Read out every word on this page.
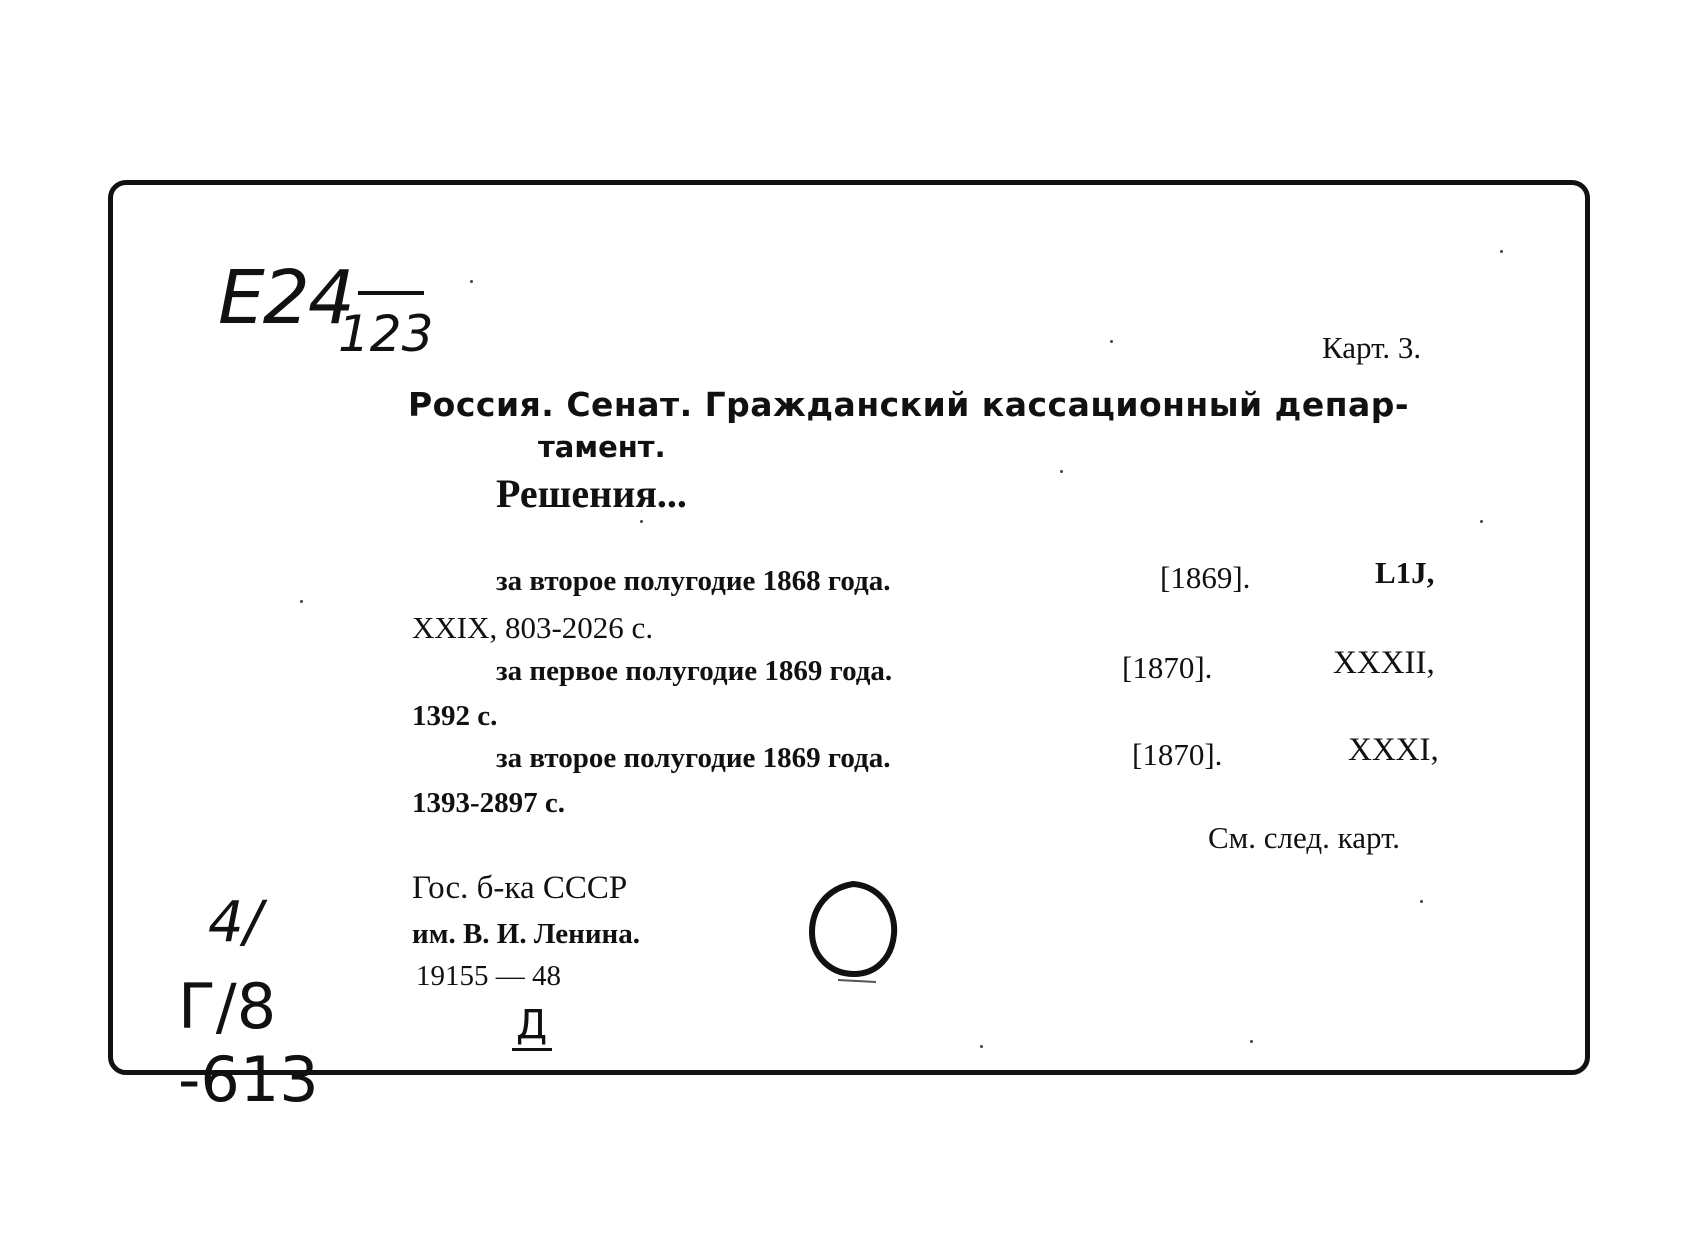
E24
123	Карт. 3.
Россия. Сенат. Гражданский кассационный депар-
тамент.
Решения...
за второе полугодие 1868 года.	[1869].	L1J,
XXIX, 803-2026 с.
за первое полугодие 1869 года.	[1870].	XXXII,
1392 с.
за второе полугодие 1869 года.	[1870].	XXXI,
1393-2897 с.
См. след. карт.
Гос. б-ка СССР
им. В. И. Ленина.
19155 — 48
4/
Г/8 -613
Д
